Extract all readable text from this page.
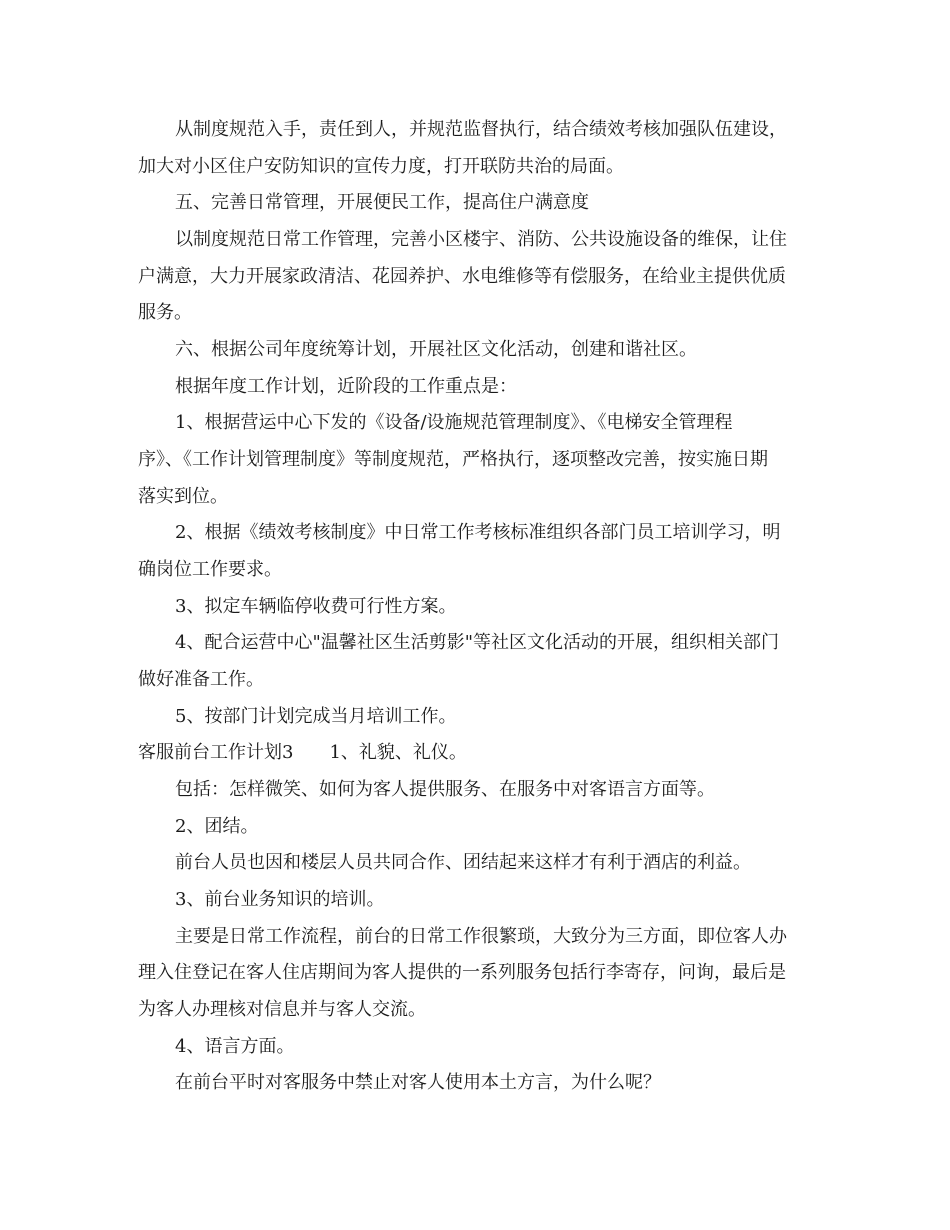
从制度规范入手，责任到人，并规范监督执行，结合绩效考核加强队伍建设，
加大对小区住户安防知识的宣传力度，打开联防共治的局面。
五、完善日常管理，开展便民工作，提高住户满意度
以制度规范日常工作管理，完善小区楼宇、消防、公共设施设备的维保，让住
户满意，大力开展家政清洁、花园养护、水电维修等有偿服务，在给业主提供优质
服务。
六、根据公司年度统筹计划，开展社区文化活动，创建和谐社区。
根据年度工作计划，近阶段的工作重点是：
1、根据营运中心下发的《设备/设施规范管理制度》、《电梯安全管理程
序》、《工作计划管理制度》等制度规范，严格执行，逐项整改完善，按实施日期
落实到位。
2、根据《绩效考核制度》中日常工作考核标准组织各部门员工培训学习，明
确岗位工作要求。
3、拟定车辆临停收费可行性方案。
4、配合运营中心"温馨社区生活剪影"等社区文化活动的开展，组织相关部门
做好准备工作。
5、按部门计划完成当月培训工作。
客服前台工作计划3　　1、礼貌、礼仪。
包括：怎样微笑、如何为客人提供服务、在服务中对客语言方面等。
2、团结。
前台人员也因和楼层人员共同合作、团结起来这样才有利于酒店的利益。
3、前台业务知识的培训。
主要是日常工作流程，前台的日常工作很繁琐，大致分为三方面，即位客人办
理入住登记在客人住店期间为客人提供的一系列服务包括行李寄存，问询，最后是
为客人办理核对信息并与客人交流。
4、语言方面。
在前台平时对客服务中禁止对客人使用本土方言，为什么呢？
